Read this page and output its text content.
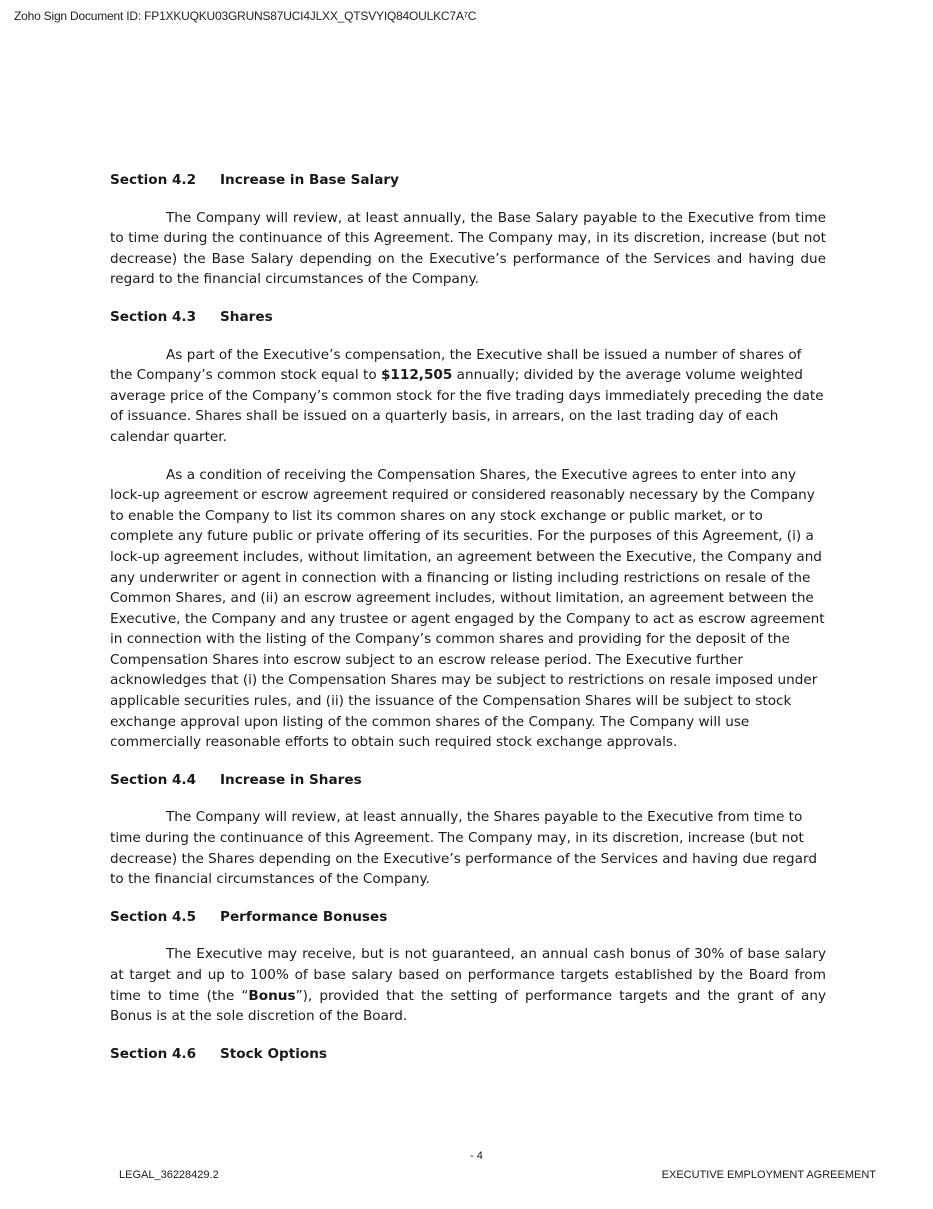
Zoho Sign Document ID: FP1XKUQKU03GRUNS87UCI4JLXX_QTSVYIQ84OULKC7A⁷C
Section 4.2	Increase in Base Salary

The Company will review, at least annually, the Base Salary payable to the Executive from time to time during the continuance of this Agreement. The Company may, in its discretion, increase (but not decrease) the Base Salary depending on the Executive’s performance of the Services and having due regard to the financial circumstances of the Company.

Section 4.3	Shares

As part of the Executive’s compensation, the Executive shall be issued a number of shares of the Company’s common stock equal to $112,505 annually; divided by the average volume weighted average price of the Company’s common stock for the five trading days immediately preceding the date of issuance. Shares shall be issued on a quarterly basis, in arrears, on the last trading day of each calendar quarter.

As a condition of receiving the Compensation Shares, the Executive agrees to enter into any lock-up agreement or escrow agreement required or considered reasonably necessary by the Company to enable the Company to list its common shares on any stock exchange or public market, or to complete any future public or private offering of its securities. For the purposes of this Agreement, (i) a lock-up agreement includes, without limitation, an agreement between the Executive, the Company and any underwriter or agent in connection with a financing or listing including restrictions on resale of the Common Shares, and (ii) an escrow agreement includes, without limitation, an agreement between the Executive, the Company and any trustee or agent engaged by the Company to act as escrow agreement in connection with the listing of the Company’s common shares and providing for the deposit of the Compensation Shares into escrow subject to an escrow release period. The Executive further acknowledges that (i) the Compensation Shares may be subject to restrictions on resale imposed under applicable securities rules, and (ii) the issuance of the Compensation Shares will be subject to stock exchange approval upon listing of the common shares of the Company. The Company will use commercially reasonable efforts to obtain such required stock exchange approvals.

Section 4.4	Increase in Shares

The Company will review, at least annually, the Shares payable to the Executive from time to time during the continuance of this Agreement. The Company may, in its discretion, increase (but not decrease) the Shares depending on the Executive’s performance of the Services and having due regard to the financial circumstances of the Company.

Section 4.5	Performance Bonuses

The Executive may receive, but is not guaranteed, an annual cash bonus of 30% of base salary at target and up to 100% of base salary based on performance targets established by the Board from time to time (the “Bonus”), provided that the setting of performance targets and the grant of any Bonus is at the sole discretion of the Board.

Section 4.6	Stock Options
- 4
LEGAL_36228429.2	EXECUTIVE EMPLOYMENT AGREEMENT
